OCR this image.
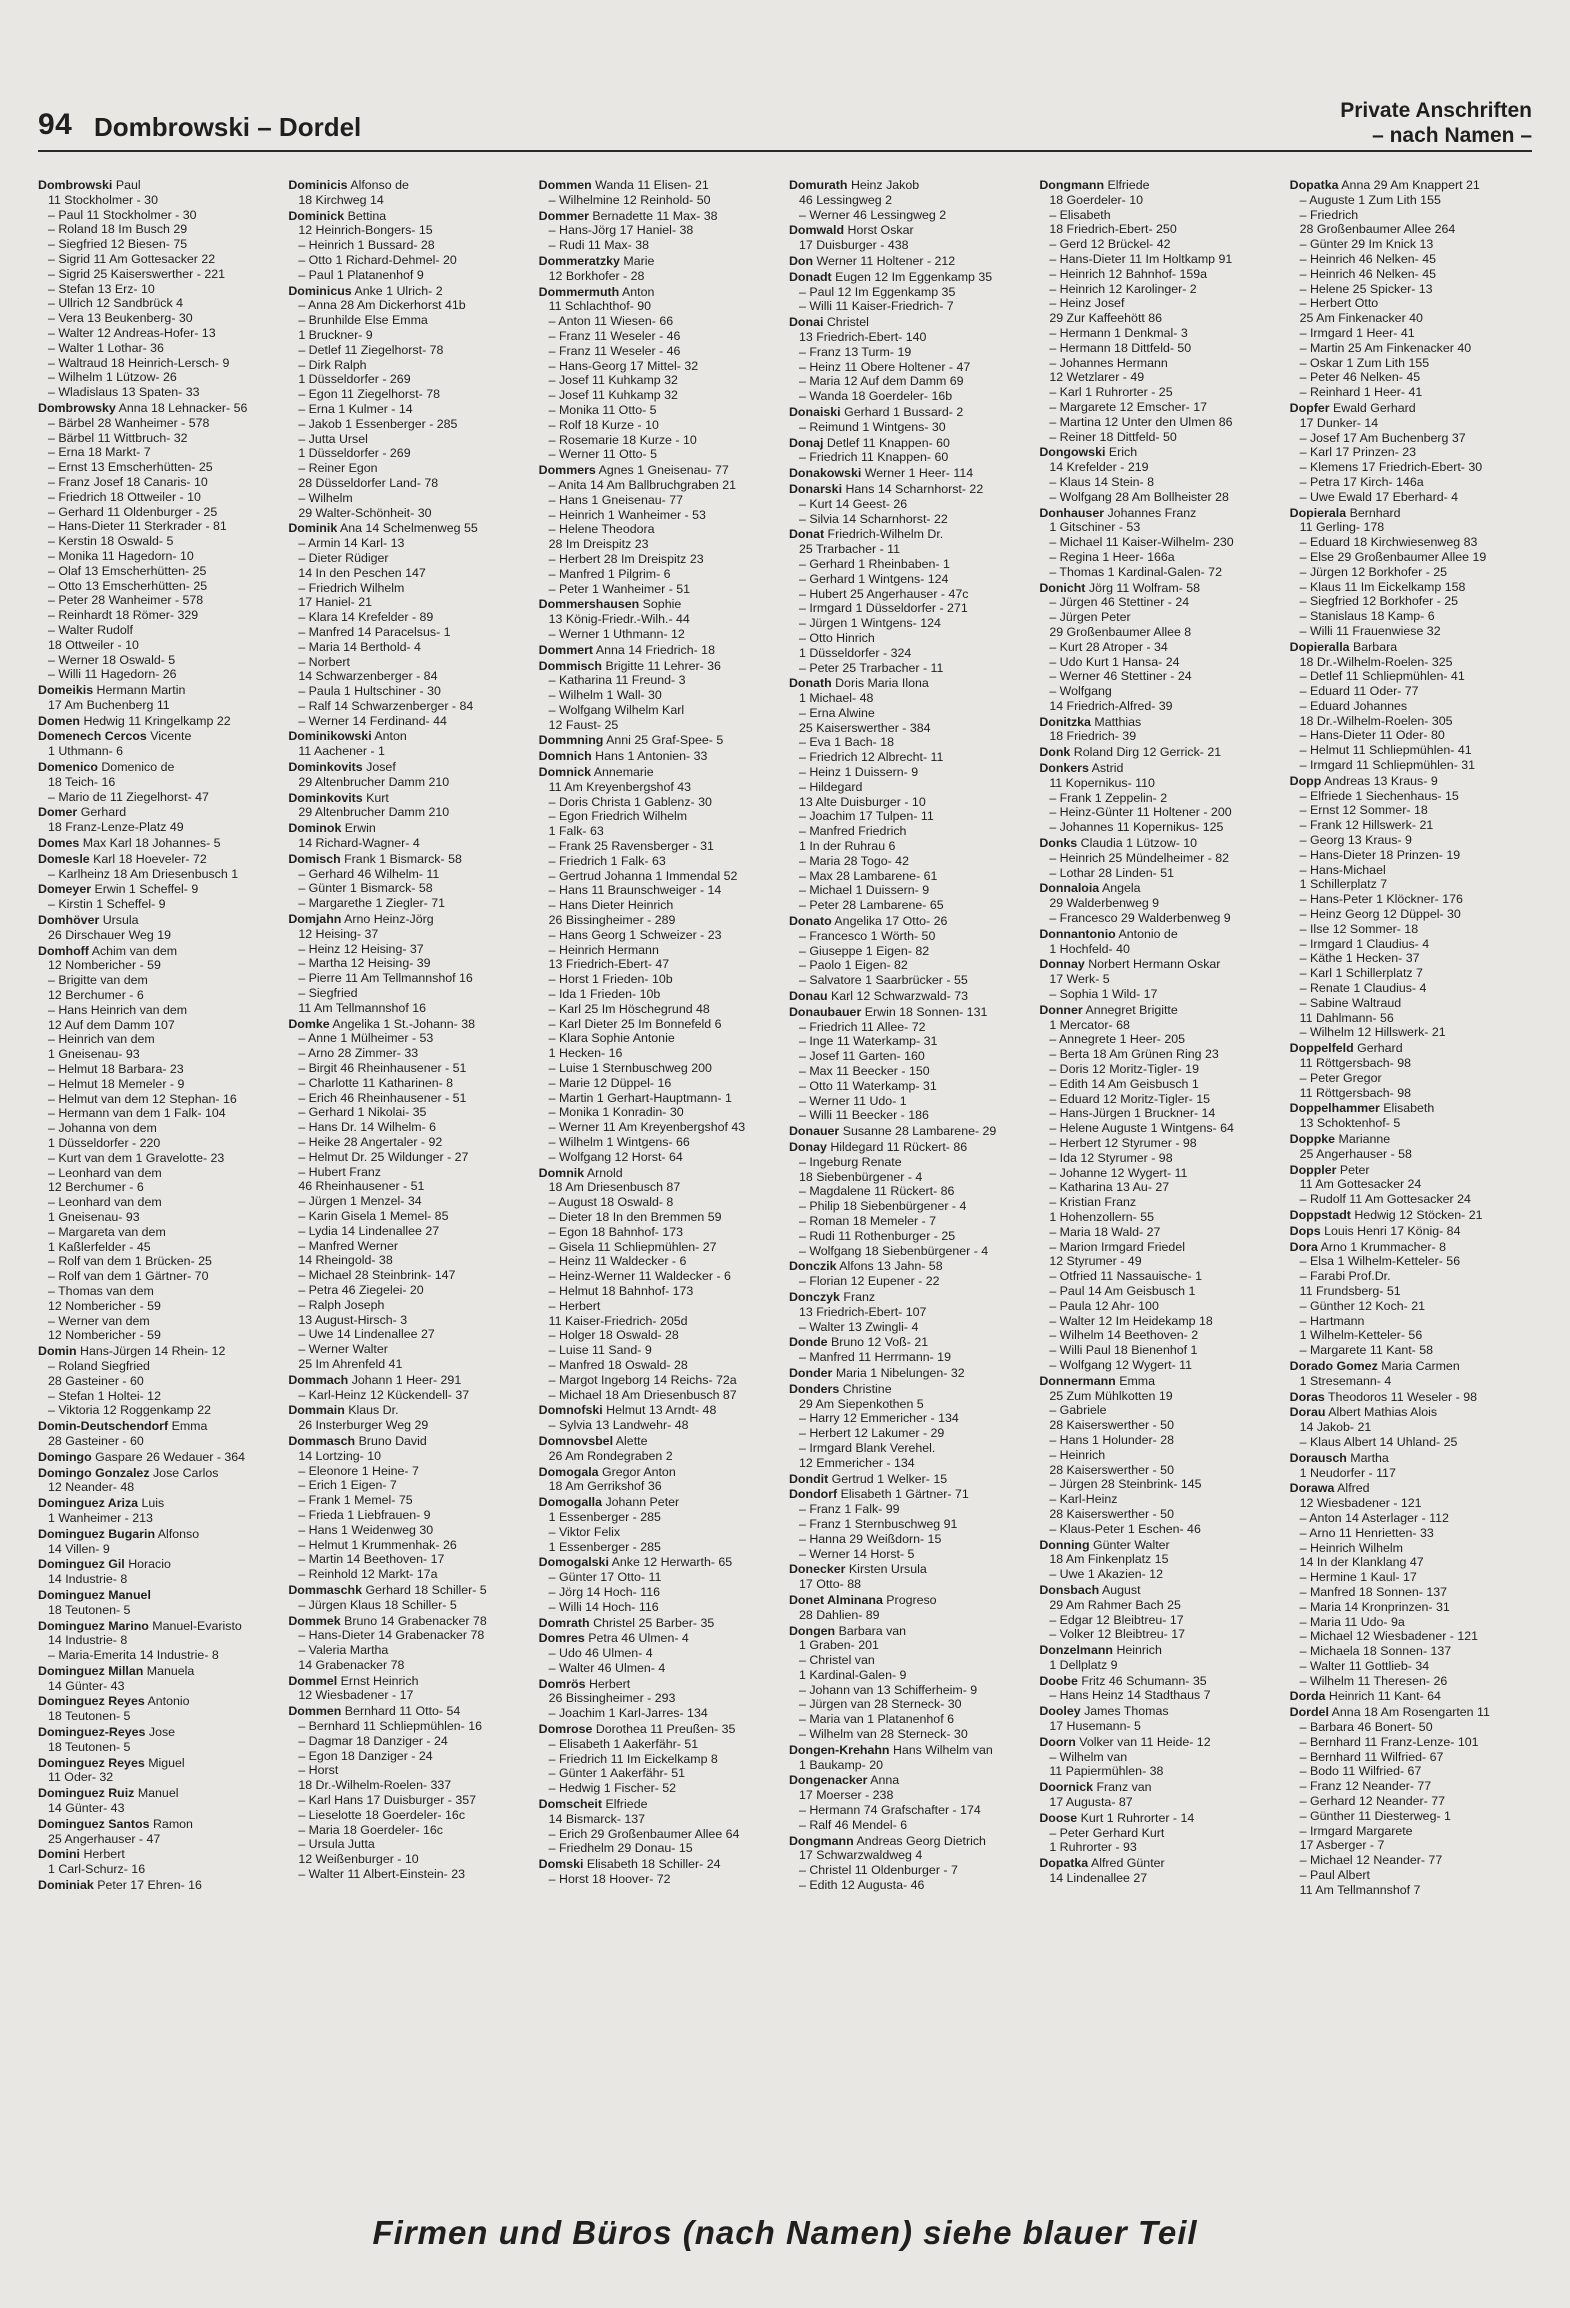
94 Dombrowski – Dordel
Private Anschriften
– nach Namen –
Dombrowski Paul
11 Stockholmer - 30
– Paul 11 Stockholmer - 30
– Roland 18 Im Busch 29
– Siegfried 12 Biesen- 75
– Sigrid 11 Am Gottesacker 22
– Sigrid 25 Kaiserswerther - 221
– Stefan 13 Erz- 10
– Ullrich 12 Sandbrück 4
– Vera 13 Beukenberg- 30
– Walter 12 Andreas-Hofer- 13
– Walter 1 Lothar- 36
– Waltraud 18 Heinrich-Lersch- 9
– Wilhelm 1 Lützow- 26
– Wladislaus 13 Spaten- 33
Dombrowsky Anna 18 Lehnacker- 56
– Bärbel 28 Wanheimer - 578
– Bärbel 11 Wittbruch- 32
– Erna 18 Markt- 7
– Ernst 13 Emscherhütten- 25
– Franz Josef 18 Canaris- 10
– Friedrich 18 Ottweiler - 10
– Gerhard 11 Oldenburger - 25
– Hans-Dieter 11 Sterkrader - 81
– Kerstin 18 Oswald- 5
– Monika 11 Hagedorn- 10
– Olaf 13 Emscherhütten- 25
– Otto 13 Emscherhütten- 25
– Peter 28 Wanheimer - 578
– Reinhardt 18 Römer- 329
– Walter Rudolf
18 Ottweiler - 10
– Werner 18 Oswald- 5
– Willi 11 Hagedorn- 26
Domeikis Hermann Martin
17 Am Buchenberg 11
Domen Hedwig 11 Kringelkamp 22
Domenech Cercos Vicente
1 Uthmann- 6
Domenico Domenico de
18 Teich- 16
– Mario de 11 Ziegelhorst- 47
Domer Gerhard
18 Franz-Lenze-Platz 49
Domes Max Karl 18 Johannes- 5
Domesle Karl 18 Hoeveler- 72
– Karlheinz 18 Am Driesenbusch 1
Domeyer Erwin 1 Scheffel- 9
– Kirstin 1 Scheffel- 9
Domhöver Ursula
26 Dirschauer Weg 19
Domhoff Achim van dem
12 Nombericher - 59
– Brigitte van dem
12 Berchumer - 6
– Hans Heinrich van dem
12 Auf dem Damm 107
– Heinrich van dem
1 Gneisenau- 93
– Helmut 18 Barbara- 23
– Helmut 18 Memeler - 9
– Helmut van dem 12 Stephan- 16
– Hermann van dem 1 Falk- 104
– Johanna von dem
1 Düsseldorfer - 220
– Kurt van dem 1 Gravelotte- 23
– Leonhard van dem
12 Berchumer - 6
– Leonhard van dem
1 Gneisenau- 93
– Margareta van dem
1 Kaßlerfelder - 45
– Rolf van dem 1 Brücken- 25
– Rolf van dem 1 Gärtner- 70
– Thomas van dem
12 Nombericher - 59
– Werner van dem
12 Nombericher - 59
Domin Hans-Jürgen 14 Rhein- 12
– Roland Siegfried
28 Gasteiner - 60
– Stefan 1 Holtei- 12
– Viktoria 12 Roggenkamp 22
Domin-Deutschendorf Emma
28 Gasteiner - 60
Domingo Gaspare 26 Wedauer - 364
Domingo Gonzalez Jose Carlos
12 Neander- 48
Dominguez Ariza Luis
1 Wanheimer - 213
Dominguez Bugarin Alfonso
14 Villen- 9
Dominguez Gil Horacio
14 Industrie- 8
Dominguez Manuel
18 Teutonen- 5
Dominguez Marino Manuel-Evaristo
14 Industrie- 8
– Maria-Emerita 14 Industrie- 8
Dominguez Millan Manuela
14 Günter- 43
Dominguez Reyes Antonio
18 Teutonen- 5
Dominguez-Reyes Jose
18 Teutonen- 5
Dominguez Reyes Miguel
11 Oder- 32
Dominguez Ruiz Manuel
14 Günter- 43
Dominguez Santos Ramon
25 Angerhauser - 47
Domini Herbert
1 Carl-Schurz- 16
Dominiak Peter 17 Ehren- 16
Dominicis Alfonso de
18 Kirchweg 14
Dominick Bettina
12 Heinrich-Bongers- 15
– Heinrich 1 Bussard- 28
– Otto 1 Richard-Dehmel- 20
– Paul 1 Platanenhof 9
Dominicus Anke 1 Ulrich- 2
– Anna 28 Am Dickerhorst 41b
– Brunhilde Else Emma
1 Bruckner- 9
– Detlef 11 Ziegelhorst- 78
– Dirk Ralph
1 Düsseldorfer - 269
– Egon 11 Ziegelhorst- 78
– Erna 1 Kulmer - 14
– Jakob 1 Essenberger - 285
– Jutta Ursel
1 Düsseldorfer - 269
– Reiner Egon
28 Düsseldorfer Land- 78
– Wilhelm
29 Walter-Schönheit- 30
Dominik Ana 14 Schelmenweg 55
– Armin 14 Karl- 13
– Dieter Rüdiger
14 In den Peschen 147
– Friedrich Wilhelm
17 Haniel- 21
– Klara 14 Krefelder - 89
– Manfred 14 Paracelsus- 1
– Maria 14 Berthold- 4
– Norbert
14 Schwarzenberger - 84
– Paula 1 Hultschiner - 30
– Ralf 14 Schwarzenberger - 84
– Werner 14 Ferdinand- 44
Dominikowski Anton
11 Aachener - 1
Dominkovits Josef
29 Altenbrucher Damm 210
Dominkovits Kurt
29 Altenbrucher Damm 210
Dominok Erwin
14 Richard-Wagner- 4
Domisch Frank 1 Bismarck- 58
– Gerhard 46 Wilhelm- 11
– Günter 1 Bismarck- 58
– Margarethe 1 Ziegler- 71
Domjahn Arno Heinz-Jörg
12 Heising- 37
– Heinz 12 Heising- 37
– Martha 12 Heising- 39
– Pierre 11 Am Tellmannshof 16
– Siegfried
11 Am Tellmannshof 16
Domke Angelika 1 St.-Johann- 38
– Anne 1 Mülheimer - 53
– Arno 28 Zimmer- 33
– Birgit 46 Rheinhausener - 51
– Charlotte 11 Katharinen- 8
– Erich 46 Rheinhausener - 51
– Gerhard 1 Nikolai- 35
– Hans Dr. 14 Wilhelm- 6
– Heike 28 Angertaler - 92
– Helmut Dr. 25 Wildunger - 27
– Hubert Franz
46 Rheinhausener - 51
– Jürgen 1 Menzel- 34
– Karin Gisela 1 Memel- 85
– Lydia 14 Lindenallee 27
– Manfred Werner
14 Rheingold- 38
– Michael 28 Steinbrink- 147
– Petra 46 Ziegelei- 20
– Ralph Joseph
13 August-Hirsch- 3
– Uwe 14 Lindenallee 27
– Werner Walter
25 Im Ahrenfeld 41
Dommach Johann 1 Heer- 291
– Karl-Heinz 12 Kückendell- 37
Dommain Klaus Dr.
26 Insterburger Weg 29
Dommasch Bruno David
14 Lortzing- 10
– Eleonore 1 Heine- 7
– Erich 1 Eigen- 7
– Frank 1 Memel- 75
– Frieda 1 Liebfrauen- 9
– Hans 1 Weidenweg 30
– Helmut 1 Krummenhak- 26
– Martin 14 Beethoven- 17
– Reinhold 12 Markt- 17a
Dommaschk Gerhard 18 Schiller- 5
– Jürgen Klaus 18 Schiller- 5
Dommek Bruno 14 Grabenacker 78
– Hans-Dieter 14 Grabenacker 78
– Valeria Martha
14 Grabenacker 78
Dommel Ernst Heinrich
12 Wiesbadener - 17
Dommen Bernhard 11 Otto- 54
– Bernhard 11 Schliepmühlen- 16
– Dagmar 18 Danziger - 24
– Egon 18 Danziger - 24
– Horst
18 Dr.-Wilhelm-Roelen- 337
– Karl Hans 17 Duisburger - 357
– Lieselotte 18 Goerdeler- 16c
– Maria 18 Goerdeler- 16c
– Ursula Jutta
12 Weißenburger - 10
– Walter 11 Albert-Einstein- 23
Dommen Wanda 11 Elisen- 21
– Wilhelmine 12 Reinhold- 50
Dommer Bernadette 11 Max- 38
– Hans-Jörg 17 Haniel- 38
– Rudi 11 Max- 38
Dommeratzky Marie
12 Borkhofer - 28
Dommermuth Anton
11 Schlachthof- 90
– Anton 11 Wiesen- 66
– Franz 11 Weseler - 46
– Franz 11 Weseler - 46
– Hans-Georg 17 Mittel- 32
– Josef 11 Kuhkamp 32
– Josef 11 Kuhkamp 32
– Monika 11 Otto- 5
– Rolf 18 Kurze - 10
– Rosemarie 18 Kurze - 10
– Werner 11 Otto- 5
Dommers Agnes 1 Gneisenau- 77
– Anita 14 Am Ballbruchgraben 21
– Hans 1 Gneisenau- 77
– Heinrich 1 Wanheimer - 53
– Helene Theodora
28 Im Dreispitz 23
– Herbert 28 Im Dreispitz 23
– Manfred 1 Pilgrim- 6
– Peter 1 Wanheimer - 51
Dommershausen Sophie
13 König-Friedr.-Wilh.- 44
– Werner 1 Uthmann- 12
Dommert Anna 14 Friedrich- 18
Dommisch Brigitte 11 Lehrer- 36
– Katharina 11 Freund- 3
– Wilhelm 1 Wall- 30
– Wolfgang Wilhelm Karl
12 Faust- 25
Dommning Anni 25 Graf-Spee- 5
Domnich Hans 1 Antonien- 33
Domnick Annemarie
11 Am Kreyenbergshof 43
– Doris Christa 1 Gablenz- 30
– Egon Friedrich Wilhelm
1 Falk- 63
– Frank 25 Ravensberger - 31
– Friedrich 1 Falk- 63
– Gertrud Johanna 1 Immendal 52
– Hans 11 Braunschweiger - 14
– Hans Dieter Heinrich
26 Bissingheimer - 289
– Hans Georg 1 Schweizer - 23
– Heinrich Hermann
13 Friedrich-Ebert- 47
– Horst 1 Frieden- 10b
– Ida 1 Frieden- 10b
– Karl 25 Im Höschegrund 48
– Karl Dieter 25 Im Bonnefeld 6
– Klara Sophie Antonie
1 Hecken- 16
– Luise 1 Sternbuschweg 200
– Marie 12 Düppel- 16
– Martin 1 Gerhart-Hauptmann- 1
– Monika 1 Konradin- 30
– Werner 11 Am Kreyenbergshof 43
– Wilhelm 1 Wintgens- 66
– Wolfgang 12 Horst- 64
Domnik Arnold
18 Am Driesenbusch 87
– August 18 Oswald- 8
– Dieter 18 In den Bremmen 59
– Egon 18 Bahnhof- 173
– Gisela 11 Schliepmühlen- 27
– Heinz 11 Waldecker - 6
– Heinz-Werner 11 Waldecker - 6
– Helmut 18 Bahnhof- 173
– Herbert
11 Kaiser-Friedrich- 205d
– Holger 18 Oswald- 28
– Luise 11 Sand- 9
– Manfred 18 Oswald- 28
– Margot Ingeborg 14 Reichs- 72a
– Michael 18 Am Driesenbusch 87
Domnofski Helmut 13 Arndt- 48
– Sylvia 13 Landwehr- 48
Domnovsbel Alette
26 Am Rondegraben 2
Domogala Gregor Anton
18 Am Gerrikshof 36
Domogalla Johann Peter
1 Essenberger - 285
– Viktor Felix
1 Essenberger - 285
Domogalski Anke 12 Herwarth- 65
– Günter 17 Otto- 11
– Jörg 14 Hoch- 116
– Willi 14 Hoch- 116
Domrath Christel 25 Barber- 35
Domres Petra 46 Ulmen- 4
– Udo 46 Ulmen- 4
– Walter 46 Ulmen- 4
Domrös Herbert
26 Bissingheimer - 293
– Joachim 1 Karl-Jarres- 134
Domrose Dorothea 11 Preußen- 35
– Elisabeth 1 Aakerfähr- 51
– Friedrich 11 Im Eickelkamp 8
– Günter 1 Aakerfähr- 51
– Hedwig 1 Fischer- 52
Domscheit Elfriede
14 Bismarck- 137
– Erich 29 Großenbaumer Allee 64
– Friedhelm 29 Donau- 15
Domski Elisabeth 18 Schiller- 24
– Horst 18 Hoover- 72
Domurath Heinz Jakob
46 Lessingweg 2
– Werner 46 Lessingweg 2
Domwald Horst Oskar
17 Duisburger - 438
Don Werner 11 Holtener - 212
Donadt Eugen 12 Im Eggenkamp 35
– Paul 12 Im Eggenkamp 35
– Willi 11 Kaiser-Friedrich- 7
Donai Christel
13 Friedrich-Ebert- 140
– Franz 13 Turm- 19
– Heinz 11 Obere Holtener - 47
– Maria 12 Auf dem Damm 69
– Wanda 18 Goerdeler- 16b
Donaiski Gerhard 1 Bussard- 2
– Reimund 1 Wintgens- 30
Donaj Detlef 11 Knappen- 60
– Friedrich 11 Knappen- 60
Donakowski Werner 1 Heer- 114
Donarski Hans 14 Scharnhorst- 22
– Kurt 14 Geest- 26
– Silvia 14 Scharnhorst- 22
Donat Friedrich-Wilhelm Dr.
25 Trarbacher - 11
– Gerhard 1 Rheinbaben- 1
– Gerhard 1 Wintgens- 124
– Hubert 25 Angerhauser - 47c
– Irmgard 1 Düsseldorfer - 271
– Jürgen 1 Wintgens- 124
– Otto Hinrich
1 Düsseldorfer - 324
– Peter 25 Trarbacher - 11
Donath Doris Maria Ilona
1 Michael- 48
– Erna Alwine
25 Kaiserswerther - 384
– Eva 1 Bach- 18
– Friedrich 12 Albrecht- 11
– Heinz 1 Duissern- 9
– Hildegard
13 Alte Duisburger - 10
– Joachim 17 Tulpen- 11
– Manfred Friedrich
1 In der Ruhrau 6
– Maria 28 Togo- 42
– Max 28 Lambarene- 61
– Michael 1 Duissern- 9
– Peter 28 Lambarene- 65
Donato Angelika 17 Otto- 26
– Francesco 1 Wörth- 50
– Giuseppe 1 Eigen- 82
– Paolo 1 Eigen- 82
– Salvatore 1 Saarbrücker - 55
Donau Karl 12 Schwarzwald- 73
Donaubauer Erwin 18 Sonnen- 131
– Friedrich 11 Allee- 72
– Inge 11 Waterkamp- 31
– Josef 11 Garten- 160
– Max 11 Beecker - 150
– Otto 11 Waterkamp- 31
– Werner 11 Udo- 1
– Willi 11 Beecker - 186
Donauer Susanne 28 Lambarene- 29
Donay Hildegard 11 Rückert- 86
– Ingeburg Renate
18 Siebenbürgener - 4
– Magdalene 11 Rückert- 86
– Philip 18 Siebenbürgener - 4
– Roman 18 Memeler - 7
– Rudi 11 Rothenburger - 25
– Wolfgang 18 Siebenbürgener - 4
Donczik Alfons 13 Jahn- 58
– Florian 12 Eupener - 22
Donczyk Franz
13 Friedrich-Ebert- 107
– Walter 13 Zwingli- 4
Donde Bruno 12 Voß- 21
– Manfred 11 Herrmann- 19
Donder Maria 1 Nibelungen- 32
Donders Christine
29 Am Siepenkothen 5
– Harry 12 Emmericher - 134
– Herbert 12 Lakumer - 29
– Irmgard Blank Verehel.
12 Emmericher - 134
Dondit Gertrud 1 Welker- 15
Dondorf Elisabeth 1 Gärtner- 71
– Franz 1 Falk- 99
– Franz 1 Sternbuschweg 91
– Hanna 29 Weißdorn- 15
– Werner 14 Horst- 5
Donecker Kirsten Ursula
17 Otto- 88
Donet Alminana Progreso
28 Dahlien- 89
Dongen Barbara van
1 Graben- 201
– Christel van
1 Kardinal-Galen- 9
– Johann van 13 Schifferheim- 9
– Jürgen van 28 Sterneck- 30
– Maria van 1 Platanenhof 6
– Wilhelm van 28 Sterneck- 30
Dongen-Krehahn Hans Wilhelm van
1 Baukamp- 20
Dongenacker Anna
17 Moerser - 238
– Hermann 74 Grafschafter - 174
– Ralf 46 Mendel- 6
Dongmann Andreas Georg Dietrich
17 Schwarzwaldweg 4
– Christel 11 Oldenburger - 7
– Edith 12 Augusta- 46
Dongmann Elfriede
18 Goerdeler- 10
– Elisabeth
18 Friedrich-Ebert- 250
– Gerd 12 Brückel- 42
– Hans-Dieter 11 Im Holtkamp 91
– Heinrich 12 Bahnhof- 159a
– Heinrich 12 Karolinger- 2
– Heinz Josef
29 Zur Kaffeehött 86
– Hermann 1 Denkmal- 3
– Hermann 18 Dittfeld- 50
– Johannes Hermann
12 Wetzlarer - 49
– Karl 1 Ruhrorter - 25
– Margarete 12 Emscher- 17
– Martina 12 Unter den Ulmen 86
– Reiner 18 Dittfeld- 50
Dongowski Erich
14 Krefelder - 219
– Klaus 14 Stein- 8
– Wolfgang 28 Am Bollheister 28
Donhauser Johannes Franz
1 Gitschiner - 53
– Michael 11 Kaiser-Wilhelm- 230
– Regina 1 Heer- 166a
– Thomas 1 Kardinal-Galen- 72
Donicht Jörg 11 Wolfram- 58
– Jürgen 46 Stettiner - 24
– Jürgen Peter
29 Großenbaumer Allee 8
– Kurt 28 Atroper - 34
– Udo Kurt 1 Hansa- 24
– Werner 46 Stettiner - 24
– Wolfgang
14 Friedrich-Alfred- 39
Donitzka Matthias
18 Friedrich- 39
Donk Roland Dirg 12 Gerrick- 21
Donkers Astrid
11 Kopernikus- 110
– Frank 1 Zeppelin- 2
– Heinz-Günter 11 Holtener - 200
– Johannes 11 Kopernikus- 125
Donks Claudia 1 Lützow- 10
– Heinrich 25 Mündelheimer - 82
– Lothar 28 Linden- 51
Donnaloia Angela
29 Walderbenweg 9
– Francesco 29 Walderbenweg 9
Donnantonio Antonio de
1 Hochfeld- 40
Donnay Norbert Hermann Oskar
17 Werk- 5
– Sophia 1 Wild- 17
Donner Annegret Brigitte
1 Mercator- 68
– Annegrete 1 Heer- 205
– Berta 18 Am Grünen Ring 23
– Doris 12 Moritz-Tigler- 19
– Edith 14 Am Geisbusch 1
– Eduard 12 Moritz-Tigler- 15
– Hans-Jürgen 1 Bruckner- 14
– Helene Auguste 1 Wintgens- 64
– Herbert 12 Styrumer - 98
– Ida 12 Styrumer - 98
– Johanne 12 Wygert- 11
– Katharina 13 Au- 27
– Kristian Franz
1 Hohenzollern- 55
– Maria 18 Wald- 27
– Marion Irmgard Friedel
12 Styrumer - 49
– Otfried 11 Nassauische- 1
– Paul 14 Am Geisbusch 1
– Paula 12 Ahr- 100
– Walter 12 Im Heidekamp 18
– Wilhelm 14 Beethoven- 2
– Willi Paul 18 Bienenhof 1
– Wolfgang 12 Wygert- 11
Donnermann Emma
25 Zum Mühlkotten 19
– Gabriele
28 Kaiserswerther - 50
– Hans 1 Holunder- 28
– Heinrich
28 Kaiserswerther - 50
– Jürgen 28 Steinbrink- 145
– Karl-Heinz
28 Kaiserswerther - 50
– Klaus-Peter 1 Eschen- 46
Donning Günter Walter
18 Am Finkenplatz 15
– Uwe 1 Akazien- 12
Donsbach August
29 Am Rahmer Bach 25
– Edgar 12 Bleibtreu- 17
– Volker 12 Bleibtreu- 17
Donzelmann Heinrich
1 Dellplatz 9
Doobe Fritz 46 Schumann- 35
– Hans Heinz 14 Stadthaus 7
Dooley James Thomas
17 Husemann- 5
Doorn Volker van 11 Heide- 12
– Wilhelm van
11 Papiermühlen- 38
Doornick Franz van
17 Augusta- 87
Doose Kurt 1 Ruhrorter - 14
– Peter Gerhard Kurt
1 Ruhrorter - 93
Dopatka Alfred Günter
14 Lindenallee 27
Dopatka Anna 29 Am Knappert 21
– Auguste 1 Zum Lith 155
– Friedrich
28 Großenbaumer Allee 264
– Günter 29 Im Knick 13
– Heinrich 46 Nelken- 45
– Heinrich 46 Nelken- 45
– Helene 25 Spicker- 13
– Herbert Otto
25 Am Finkenacker 40
– Irmgard 1 Heer- 41
– Martin 25 Am Finkenacker 40
– Oskar 1 Zum Lith 155
– Peter 46 Nelken- 45
– Reinhard 1 Heer- 41
Dopfer Ewald Gerhard
17 Dunker- 14
– Josef 17 Am Buchenberg 37
– Karl 17 Prinzen- 23
– Klemens 17 Friedrich-Ebert- 30
– Petra 17 Kirch- 146a
– Uwe Ewald 17 Eberhard- 4
Dopierala Bernhard
11 Gerling- 178
– Eduard 18 Kirchwiesenweg 83
– Else 29 Großenbaumer Allee 19
– Jürgen 12 Borkhofer - 25
– Klaus 11 Im Eickelkamp 158
– Siegfried 12 Borkhofer - 25
– Stanislaus 18 Kamp- 6
– Willi 11 Frauenwiese 32
Dopieralla Barbara
18 Dr.-Wilhelm-Roelen- 325
– Detlef 11 Schliepmühlen- 41
– Eduard 11 Oder- 77
– Eduard Johannes
18 Dr.-Wilhelm-Roelen- 305
– Hans-Dieter 11 Oder- 80
– Helmut 11 Schliepmühlen- 41
– Irmgard 11 Schliepmühlen- 31
Dopp Andreas 13 Kraus- 9
– Elfriede 1 Siechenhaus- 15
– Ernst 12 Sommer- 18
– Frank 12 Hillswerk- 21
– Georg 13 Kraus- 9
– Hans-Dieter 18 Prinzen- 19
– Hans-Michael
1 Schillerplatz 7
– Hans-Peter 1 Klöckner- 176
– Heinz Georg 12 Düppel- 30
– Ilse 12 Sommer- 18
– Irmgard 1 Claudius- 4
– Käthe 1 Hecken- 37
– Karl 1 Schillerplatz 7
– Renate 1 Claudius- 4
– Sabine Waltraud
11 Dahlmann- 56
– Wilhelm 12 Hillswerk- 21
Doppelfeld Gerhard
11 Röttgersbach- 98
– Peter Gregor
11 Röttgersbach- 98
Doppelhammer Elisabeth
13 Schoktenhof- 5
Doppke Marianne
25 Angerhauser - 58
Doppler Peter
11 Am Gottesacker 24
– Rudolf 11 Am Gottesacker 24
Doppstadt Hedwig 12 Stöcken- 21
Dops Louis Henri 17 König- 84
Dora Arno 1 Krummacher- 8
– Elsa 1 Wilhelm-Ketteler- 56
– Farabi Prof.Dr.
11 Frundsberg- 51
– Günther 12 Koch- 21
– Hartmann
1 Wilhelm-Ketteler- 56
– Margarete 11 Kant- 58
Dorado Gomez Maria Carmen
1 Stresemann- 4
Doras Theodoros 11 Weseler - 98
Dorau Albert Mathias Alois
14 Jakob- 21
– Klaus Albert 14 Uhland- 25
Dorausch Martha
1 Neudorfer - 117
Dorawa Alfred
12 Wiesbadener - 121
– Anton 14 Asterlager - 112
– Arno 11 Henrietten- 33
– Heinrich Wilhelm
14 In der Klanklang 47
– Hermine 1 Kaul- 17
– Manfred 18 Sonnen- 137
– Maria 14 Kronprinzen- 31
– Maria 11 Udo- 9a
– Michael 12 Wiesbadener - 121
– Michaela 18 Sonnen- 137
– Walter 11 Gottlieb- 34
– Wilhelm 11 Theresen- 26
Dorda Heinrich 11 Kant- 64
Dordel Anna 18 Am Rosengarten 11
– Barbara 46 Bonert- 50
– Bernhard 11 Franz-Lenze- 101
– Bernhard 11 Wilfried- 67
– Bodo 11 Wilfried- 67
– Franz 12 Neander- 77
– Gerhard 12 Neander- 77
– Günther 11 Diesterweg- 1
– Irmgard Margarete
17 Asberger - 7
– Michael 12 Neander- 77
– Paul Albert
11 Am Tellmannshof 7
Firmen und Büros (nach Namen) siehe blauer Teil
